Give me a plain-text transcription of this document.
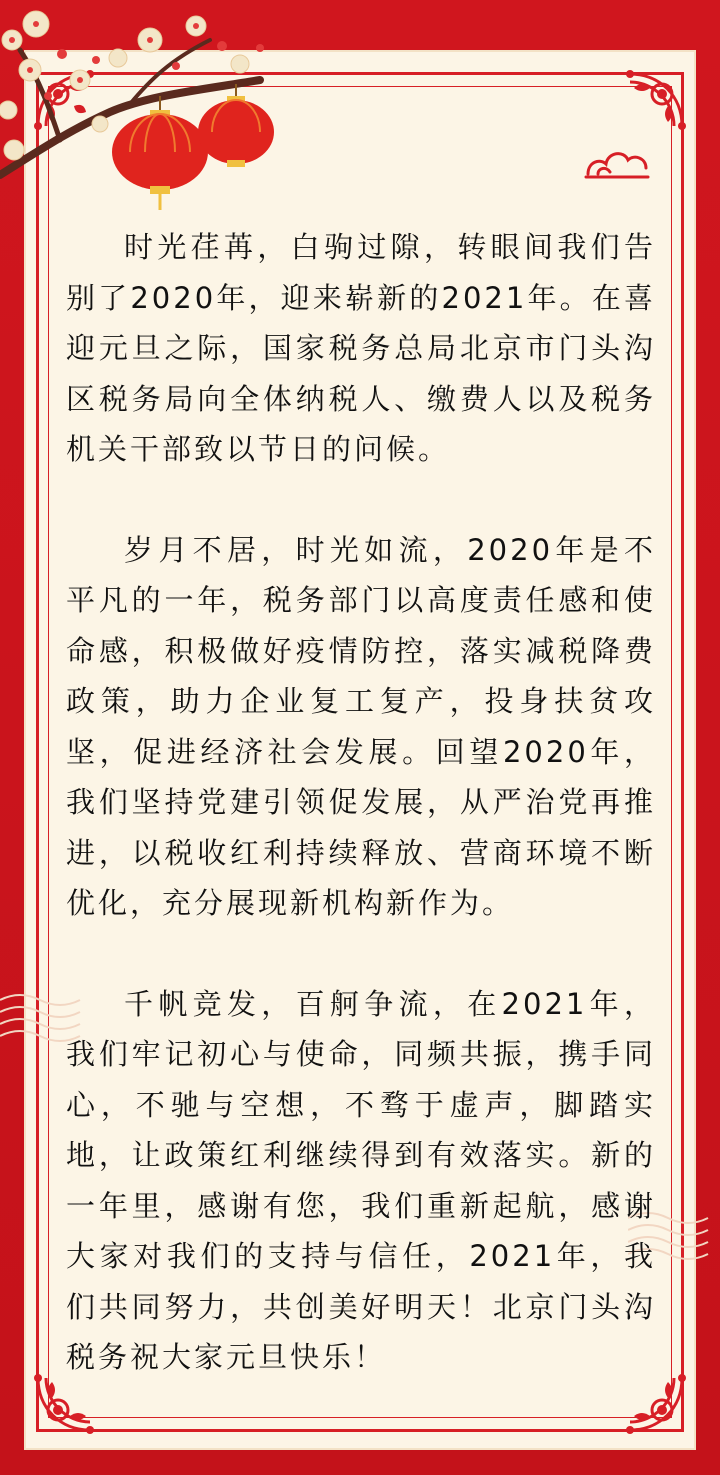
时光荏苒，白驹过隙，转眼间我们告别了2020年，迎来崭新的2021年。在喜迎元旦之际，国家税务总局北京市门头沟区税务局向全体纳税人、缴费人以及税务机关干部致以节日的问候。

岁月不居，时光如流，2020年是不平凡的一年，税务部门以高度责任感和使命感，积极做好疫情防控，落实减税降费政策，助力企业复工复产，投身扶贫攻坚，促进经济社会发展。回望2020年，我们坚持党建引领促发展，从严治党再推进，以税收红利持续释放、营商环境不断优化，充分展现新机构新作为。

千帆竞发，百舸争流，在2021年，我们牢记初心与使命，同频共振，携手同心，不驰与空想，不骛于虚声，脚踏实地，让政策红利继续得到有效落实。新的一年里，感谢有您，我们重新起航，感谢大家对我们的支持与信任，2021年，我们共同努力，共创美好明天！北京门头沟税务祝大家元旦快乐！
